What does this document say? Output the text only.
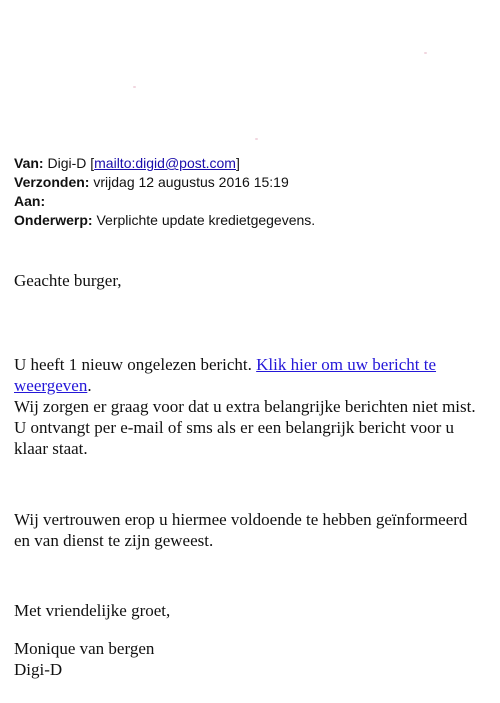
Van: Digi-D [mailto:digid@post.com]
Verzonden: vrijdag 12 augustus 2016 15:19
Aan:
Onderwerp: Verplichte update kredietgegevens.

Geachte burger,

U heeft 1 nieuw ongelezen bericht. Klik hier om uw bericht te weergeven.

Wij zorgen er graag voor dat u extra belangrijke berichten niet mist.

U ontvangt per e-mail of sms als er een belangrijk bericht voor u klaar staat.

Wij vertrouwen erop u hiermee voldoende te hebben geïnformeerd en van dienst te zijn geweest.

Met vriendelijke groet,

Monique van bergen

Digi-D
